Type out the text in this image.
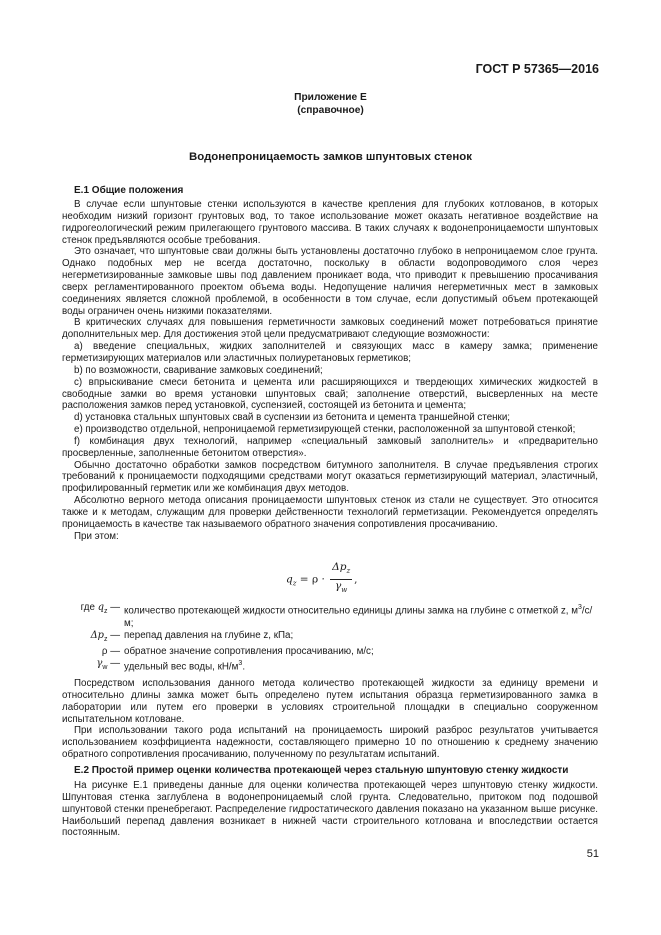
ГОСТ Р 57365—2016
Приложение Е
(справочное)
Водонепроницаемость замков шпунтовых стенок
Е.1 Общие положения

В случае если шпунтовые стенки используются в качестве крепления для глубоких котлованов, в которых необходим низкий горизонт грунтовых вод, то такое использование может оказать негативное воздействие на гидрогеологический режим прилегающего грунтового массива. В таких случаях к водонепроницаемости шпунтовых стенок предъявляются особые требования.

Это означает, что шпунтовые сваи должны быть установлены достаточно глубоко в непроницаемом слое грунта. Однако подобных мер не всегда достаточно, поскольку в области водопроводимого слоя через негерметизированные замковые швы под давлением проникает вода, что приводит к превышению просачивания сверх регламентированного проектом объема воды. Недопущение наличия негерметичных мест в замковых соединениях является сложной проблемой, в особенности в том случае, если допустимый объем протекающей воды ограничен очень низкими показателями.

В критических случаях для повышения герметичности замковых соединений может потребоваться принятие дополнительных мер. Для достижения этой цели предусматривают следующие возможности:

а) введение специальных, жидких заполнителей и связующих масс в камеру замка; применение герметизирующих материалов или эластичных полиуретановых герметиков;

b) по возможности, сваривание замковых соединений;

c) впрыскивание смеси бетонита и цемента или расширяющихся и твердеющих химических жидкостей в свободные замки во время установки шпунтовых свай; заполнение отверстий, высверленных на месте расположения замков перед установкой, суспензией, состоящей из бетонита и цемента;

d) установка стальных шпунтовых свай в суспензии из бетонита и цемента траншейной стенки;

e) производство отдельной, непроницаемой герметизирующей стенки, расположенной за шпунтовой стенкой;

f) комбинация двух технологий, например «специальный замковый заполнитель» и «предварительно просверленные, заполненные бетонитом отверстия».

Обычно достаточно обработки замков посредством битумного заполнителя. В случае предъявления строгих требований к проницаемости подходящими средствами могут оказаться герметизирующий материал, эластичный, профилированный герметик или же комбинация двух методов.

Абсолютно верного метода описания проницаемости шпунтовых стенок из стали не существует. Это относится также и к методам, служащим для проверки действенности технологий герметизации. Рекомендуется определять проницаемость в качестве так называемого обратного значения сопротивления просачиванию.

При этом:

$q_z = \rho \cdot \frac{\Delta p_z}{\gamma_w}$ ,
где $q_z$ — количество протекающей жидкости относительно единицы длины замка на глубине с отметкой z, $м^3/с/м$;
$\Delta p_z$ — перепад давления на глубине z, кПа;
ρ — обратное значение сопротивления просачиванию, м/с;
$\gamma_w$ — удельный вес воды, $кН/м^3$.

Посредством использования данного метода количество протекающей жидкости за единицу времени и относительно длины замка может быть определено путем испытания образца герметизированного замка в лаборатории или путем его проверки в условиях строительной площадки в специально сооруженном испытательном котловане.

При использовании такого рода испытаний на проницаемость широкий разброс результатов учитывается использованием коэффициента надежности, составляющего примерно 10 по отношению к среднему значению обратного сопротивления просачиванию, полученному по результатам испытаний.

Е.2 Простой пример оценки количества протекающей через стальную шпунтовую стенку жидкости

На рисунке Е.1 приведены данные для оценки количества протекающей через шпунтовую стенку жидкости. Шпунтовая стенка заглублена в водонепроницаемый слой грунта. Следовательно, притоком под подошвой шпунтовой стенки пренебрегают. Распределение гидростатического давления показано на указанном выше рисунке. Наибольший перепад давления возникает в нижней части строительного котлована и впоследствии остается постоянным.

51
